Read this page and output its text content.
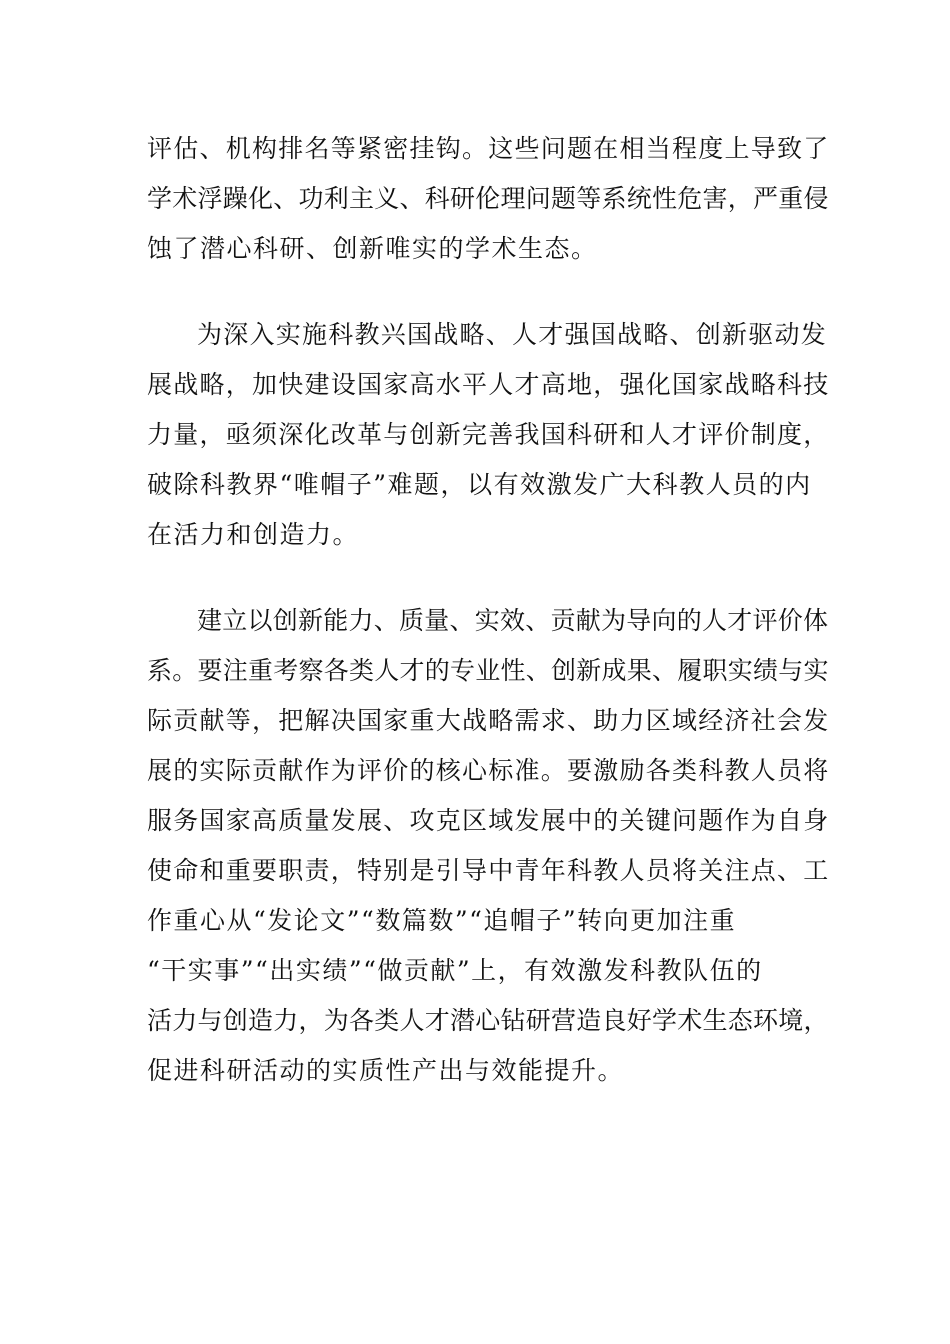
评估、机构排名等紧密挂钩。这些问题在相当程度上导致了

学术浮躁化、功利主义、科研伦理问题等系统性危害，严重侵

蚀了潜心科研、创新唯实的学术生态。

为深入实施科教兴国战略、人才强国战略、创新驱动发

展战略，加快建设国家高水平人才高地，强化国家战略科技

力量，亟须深化改革与创新完善我国科研和人才评价制度，

破除科教界“唯帽子”难题，以有效激发广大科教人员的内

在活力和创造力。

建立以创新能力、质量、实效、贡献为导向的人才评价体

系。要注重考察各类人才的专业性、创新成果、履职实绩与实

际贡献等，把解决国家重大战略需求、助力区域经济社会发

展的实际贡献作为评价的核心标准。要激励各类科教人员将

服务国家高质量发展、攻克区域发展中的关键问题作为自身

使命和重要职责，特别是引导中青年科教人员将关注点、工

作重心从“发论文”“数篇数”“追帽子”转向更加注重

“干实事”“出实绩”“做贡献”上，有效激发科教队伍的

活力与创造力，为各类人才潜心钻研营造良好学术生态环境，

促进科研活动的实质性产出与效能提升。
